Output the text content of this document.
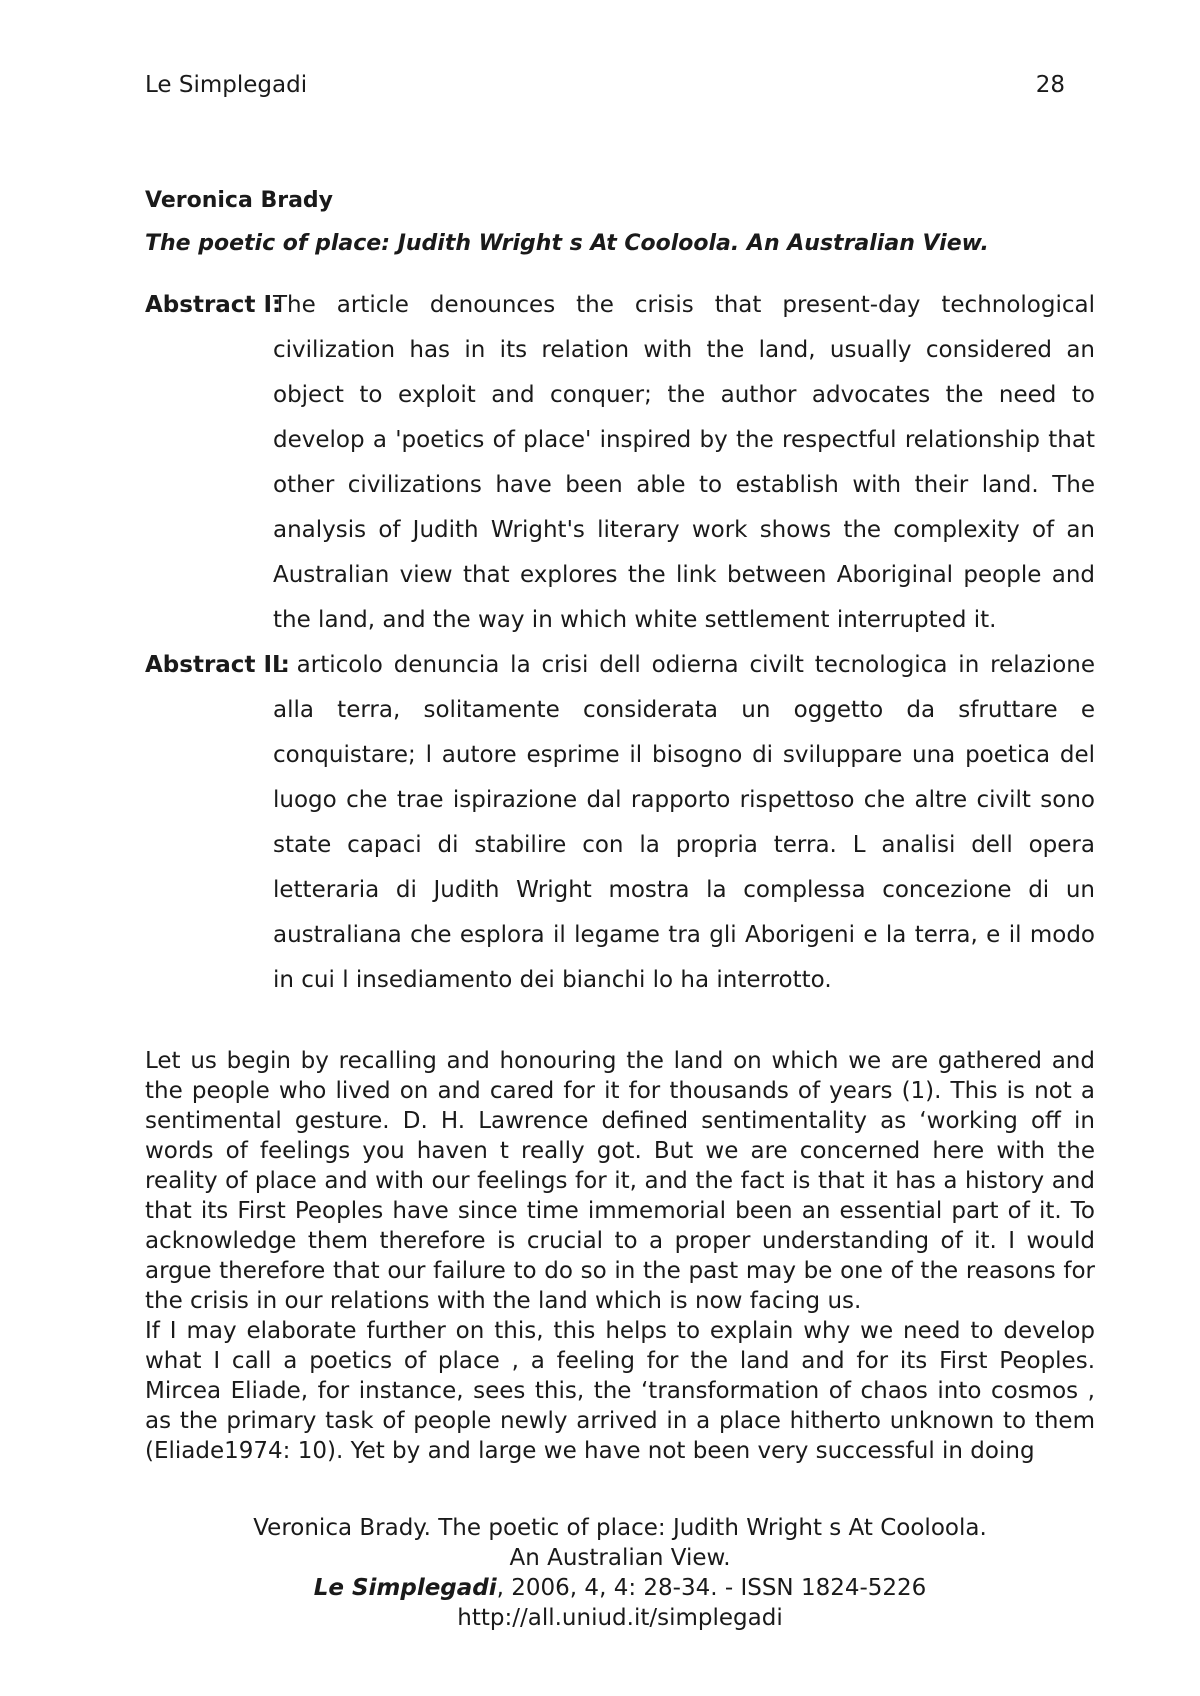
Le Simplegadi	28
Veronica Brady
The poetic of place: Judith Wright s At Cooloola. An Australian View.
Abstract I:
The article denounces the crisis that present-day technological civilization has in its relation with the land, usually considered an object to exploit and conquer; the author advocates the need to develop a 'poetics of place' inspired by the respectful relationship that other civilizations have been able to establish with their land. The analysis of Judith Wright's literary work shows the complexity of an Australian view that explores the link between Aboriginal people and the land, and the way in which white settlement interrupted it.
Abstract II:
L articolo denuncia la crisi dell odierna civilt tecnologica in relazione alla terra, solitamente considerata un oggetto da sfruttare e conquistare; l autore esprime il bisogno di sviluppare una poetica del luogo che trae ispirazione dal rapporto rispettoso che altre civilt sono state capaci di stabilire con la propria terra. L analisi dell opera letteraria di Judith Wright mostra la complessa concezione di un australiana che esplora il legame tra gli Aborigeni e la terra, e il modo in cui l insediamento dei bianchi lo ha interrotto.

Let us begin by recalling and honouring the land on which we are gathered and the people who lived on and cared for it for thousands of years (1). This is not a sentimental gesture. D. H. Lawrence defined sentimentality as ‘working off in words of feelings you haven t really got. But we are concerned here with the reality of place and with our feelings for it, and the fact is that it has a history and that its First Peoples have since time immemorial been an essential part of it. To acknowledge them therefore is crucial to a proper understanding of it. I would argue therefore that our failure to do so in the past may be one of the reasons for the crisis in our relations with the land which is now facing us.

If I may elaborate further on this, this helps to explain why we need to develop what I call a poetics of place , a feeling for the land and for its First Peoples. Mircea Eliade, for instance, sees this, the ‘transformation of chaos into cosmos , as the primary task of people newly arrived in a place hitherto unknown to them (Eliade1974: 10). Yet by and large we have not been very successful in doing

Veronica Brady. The poetic of place: Judith Wright s At Cooloola.
An Australian View.
Le Simplegadi, 2006, 4, 4: 28-34. - ISSN 1824-5226
http://all.uniud.it/simplegadi
